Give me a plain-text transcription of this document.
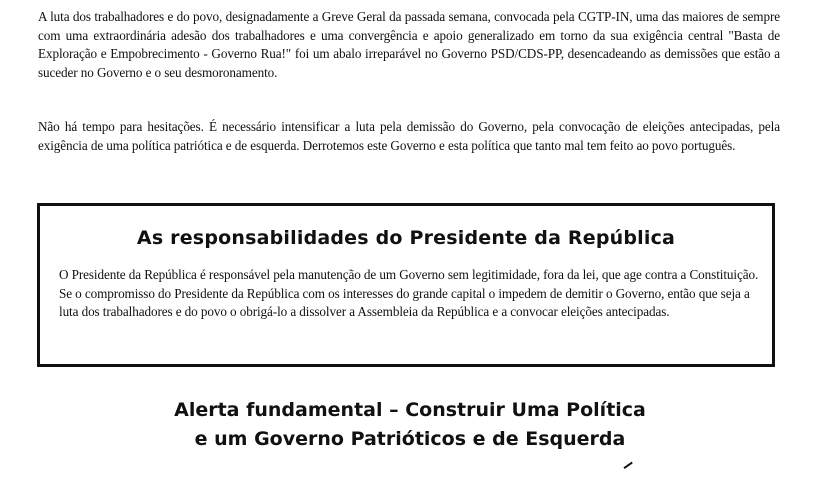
A luta dos trabalhadores e do povo, designadamente a Greve Geral da passada semana, convocada pela CGTP-IN, uma das maiores de sempre com uma extraordinária adesão dos trabalhadores e uma convergência e apoio generalizado em torno da sua exigência central "Basta de Exploração e Empobrecimento - Governo Rua!" foi um abalo irreparável no Governo PSD/CDS-PP, desencadeando as demissões que estão a suceder no Governo e o seu desmoronamento.

Não há tempo para hesitações. É necessário intensificar a luta pela demissão do Governo, pela convocação de eleições antecipadas, pela exigência de uma política patriótica e de esquerda. Derrotemos este Governo e esta política que tanto mal tem feito ao povo português.

As responsabilidades do Presidente da República

O Presidente da República é responsável pela manutenção de um Governo sem legitimidade, fora da lei, que age contra a Constituição. Se o compromisso do Presidente da República com os interesses do grande capital o impedem de demitir o Governo, então que seja a luta dos trabalhadores e do povo o obrigá-lo a dissolver a Assembleia da República e a convocar eleições antecipadas.

Alerta fundamental – Construir Uma Política
e um Governo Patrióticos e de Esquerda
